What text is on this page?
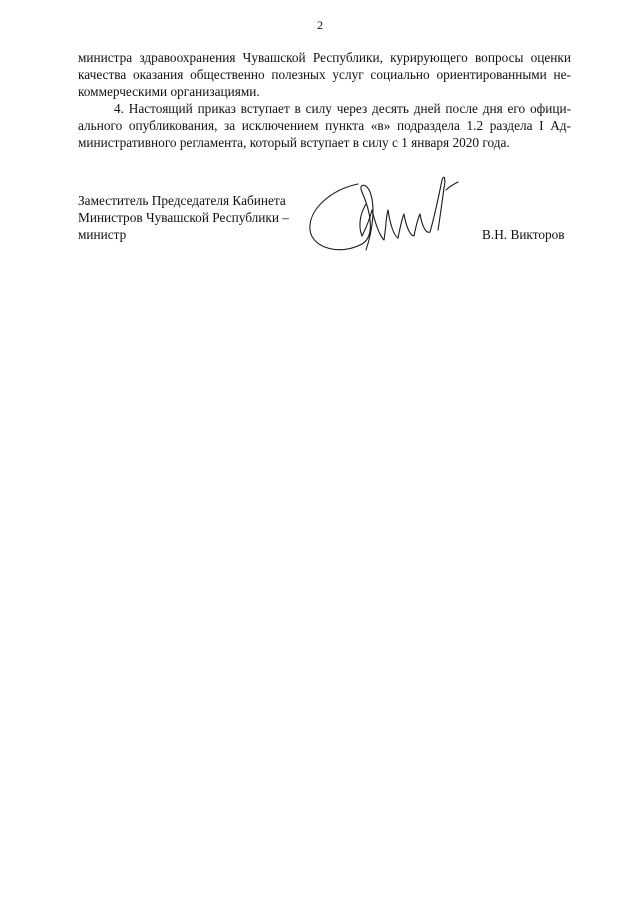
2
министра здравоохранения Чувашской Республики, курирующего вопросы оценки
качества оказания общественно полезных услуг социально ориентированными не-
коммерческими организациями.
4. Настоящий приказ вступает в силу через десять дней после дня его офици-
ального опубликования, за исключением пункта «в» подраздела 1.2 раздела I Ад-
министративного регламента, который вступает в силу с 1 января 2020 года.
Заместитель Председателя Кабинета
Министров Чувашской Республики –
министр	В.Н. Викторов
